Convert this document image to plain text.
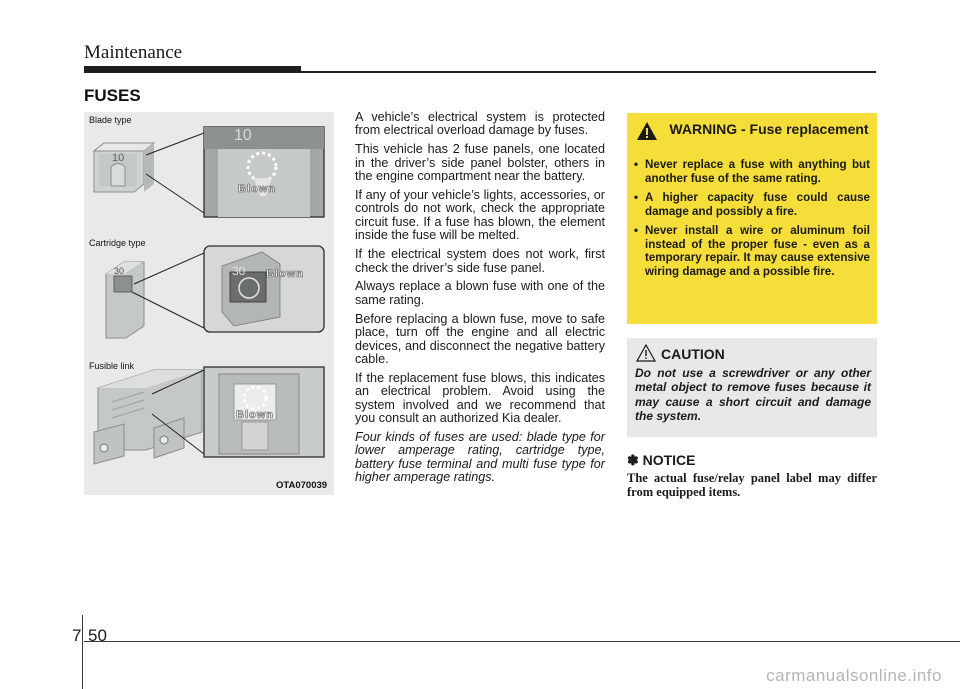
Maintenance
FUSES
10
10
Blown
30	30 Blown
Blown
Blade type
Cartridge type
Fusible link
OTA070039

A vehicle’s electrical system is protected from electrical overload damage by fuses.

This vehicle has 2 fuse panels, one located in the driver’s side panel bolster, others in the engine compartment near the battery.

If any of your vehicle’s lights, accessories, or controls do not work, check the appropriate circuit fuse. If a fuse has blown, the element inside the fuse will be melted.

If the electrical system does not work, first check the driver’s side fuse panel.

Always replace a blown fuse with one of the same rating.

Before replacing a blown fuse, move to safe place, turn off the engine and all electric devices, and disconnect the negative battery cable.

If the replacement fuse blows, this indicates an electrical problem. Avoid using the system involved and we recommend that you consult an authorized Kia dealer.

Four kinds of fuses are used: blade type for lower amperage rating, cartridge type, battery fuse terminal and multi fuse type for higher amperage ratings.

WARNING - Fuse replacement
• Never replace a fuse with anything but another fuse of the same rating.
• A higher capacity fuse could cause damage and possibly a fire.
• Never install a wire or aluminum foil instead of the proper fuse - even as a temporary repair. It may cause extensive wiring damage and a possible fire.
CAUTION
Do not use a screwdriver or any other metal object to remove fuses because it may cause a short circuit and damage the system.
✽ NOTICE
The actual fuse/relay panel label may differ from equipped items.
7 50
carmanualsonline.info
